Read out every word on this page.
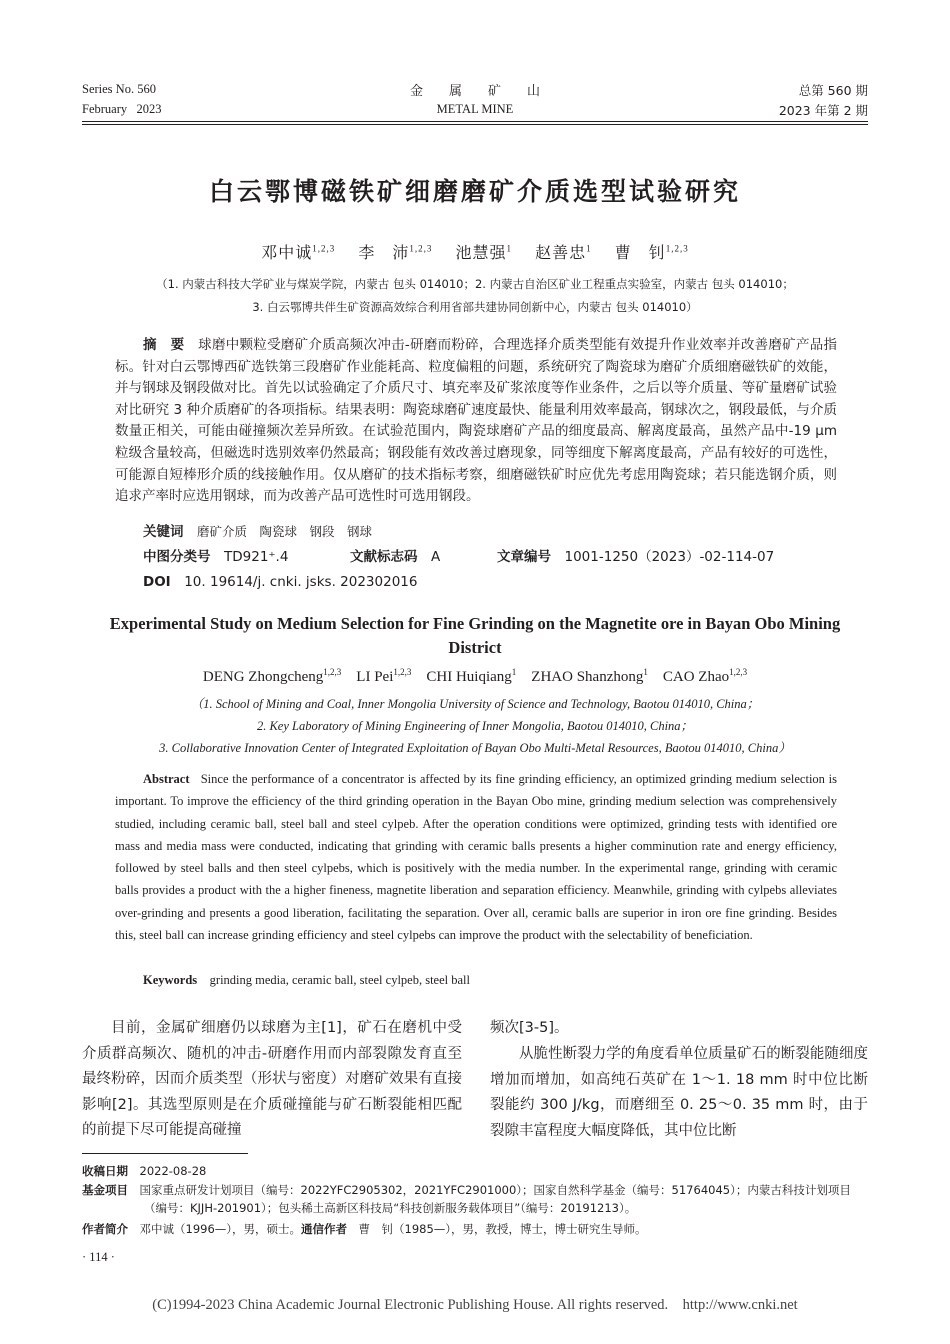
Series No. 560
February   2023
金　　属　　矿　　山
METAL MINE
总第 560 期
2023 年第 2 期
白云鄂博磁铁矿细磨磨矿介质选型试验研究
邓中诚$^{1,2,3}$　 李　沛$^{1,2,3}$　 池慧强$^1$　 赵善忠$^1$　 曹　钊$^{1,2,3}$
（1. 内蒙古科技大学矿业与煤炭学院，内蒙古 包头 014010；2. 内蒙古自治区矿业工程重点实验室，内蒙古 包头 014010；
3. 白云鄂博共伴生矿资源高效综合利用省部共建协同创新中心，内蒙古 包头 014010）
摘　要　 球磨中颗粒受磨矿介质高频次冲击-研磨而粉碎，合理选择介质类型能有效提升作业效率并改善磨矿产品指标。针对白云鄂博西矿选铁第三段磨矿作业能耗高、粒度偏粗的问题，系统研究了陶瓷球为磨矿介质细磨磁铁矿的效能，并与钢球及钢段做对比。首先以试验确定了介质尺寸、填充率及矿浆浓度等作业条件，之后以等介质量、等矿量磨矿试验对比研究 3 种介质磨矿的各项指标。结果表明：陶瓷球磨矿速度最快、能量利用效率最高，钢球次之，钢段最低，与介质数量正相关，可能由碰撞频次差异所致。在试验范围内，陶瓷球磨矿产品的细度最高、解离度最高，虽然产品中-19 μm 粒级含量较高，但磁选时选别效率仍然最高；钢段能有效改善过磨现象，同等细度下解离度最高，产品有较好的可选性，可能源自短棒形介质的线接触作用。仅从磨矿的技术指标考察，细磨磁铁矿时应优先考虑用陶瓷球；若只能选钢介质，则追求产率时应选用钢球，而为改善产品可选性时可选用钢段。
关键词　 磨矿介质　陶瓷球　钢段　钢球
中图分类号　 TD921⁺.4	文献标志码　 A	文章编号　 1001-1250（2023）-02-114-07
DOI　 10. 19614/j. cnki. jsks. 202302016
Experimental Study on Medium Selection for Fine Grinding on the Magnetite ore in Bayan Obo Mining District
DENG Zhongcheng$^{1,2,3}$ LI Pei$^{1,2,3}$ CHI Huiqiang$^1$ ZHAO Shanzhong$^1$ CAO Zhao$^{1,2,3}$
（1. School of Mining and Coal, Inner Mongolia University of Science and Technology, Baotou 014010, China；
2. Key Laboratory of Mining Engineering of Inner Mongolia, Baotou 014010, China；
3. Collaborative Innovation Center of Integrated Exploitation of Bayan Obo Multi-Metal Resources, Baotou 014010, China）
Abstract Since the performance of a concentrator is affected by its fine grinding efficiency, an optimized grinding medium selection is important. To improve the efficiency of the third grinding operation in the Bayan Obo mine, grinding medium selection was comprehensively studied, including ceramic ball, steel ball and steel cylpeb. After the operation conditions were optimized, grinding tests with identified ore mass and media mass were conducted, indicating that grinding with ceramic balls presents a higher comminution rate and energy efficiency, followed by steel balls and then steel cylpebs, which is positively with the media number. In the experimental range, grinding with ceramic balls provides a product with the a higher fineness, magnetite liberation and separation efficiency. Meanwhile, grinding with cylpebs alleviates over-grinding and presents a good liberation, facilitating the separation. Over all, ceramic balls are superior in iron ore fine grinding. Besides this, steel ball can increase grinding efficiency and steel cylpebs can improve the product with the selectability of beneficiation.
Keywords grinding media, ceramic ball, steel cylpeb, steel ball
目前，金属矿细磨仍以球磨为主[1]，矿石在磨机中受介质群高频次、随机的冲击-研磨作用而内部裂隙发育直至最终粉碎，因而介质类型（形状与密度）对磨矿效果有直接影响[2]。其选型原则是在介质碰撞能与矿石断裂能相匹配的前提下尽可能提高碰撞
频次[3-5]。
从脆性断裂力学的角度看单位质量矿石的断裂能随细度增加而增加，如高纯石英矿在 1～1. 18 mm 时中位比断裂能约 300 J/kg，而磨细至 0. 25～0. 35 mm 时，由于裂隙丰富程度大幅度降低，其中位比断
收稿日期　 2022-08-28
基金项目　 国家重点研发计划项目（编号：2022YFC2905302，2021YFC2901000）；国家自然科学基金（编号：51764045）；内蒙古科技计划项目（编号：KJJH-201901）；包头稀土高新区科技局“科技创新服务载体项目”（编号：20191213）。
作者简介　 邓中诚（1996—），男，硕士。通信作者　 曹　钊（1985—），男，教授，博士，博士研究生导师。
· 114 ·
(C)1994-2023 China Academic Journal Electronic Publishing House. All rights reserved.    http://www.cnki.net
